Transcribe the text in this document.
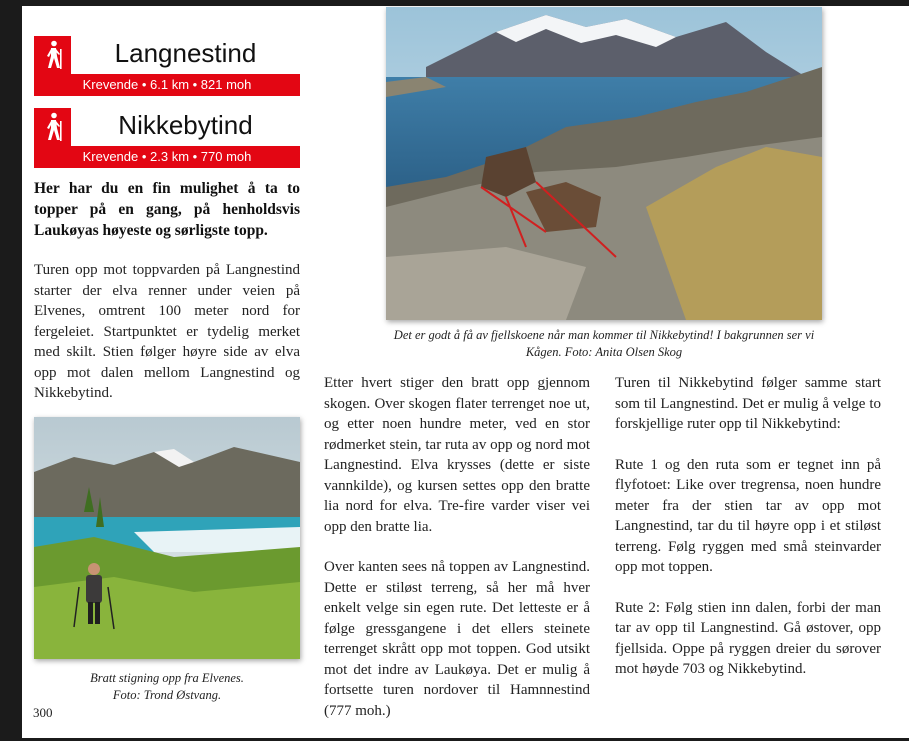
Langnestind
Krevende • 6.1 km • 821 moh
Nikkebytind
Krevende • 2.3 km • 770 moh
Her har du en fin mulighet å ta to topper på en gang, på henholdsvis Laukøyas høyeste og sørligste topp.

Turen opp mot toppvarden på Langnestind starter der elva renner under veien på Elvenes, omtrent 100 meter nord for fergeleiet. Startpunktet er tydelig merket med skilt. Stien følger høyre side av elva opp mot dalen mellom Langnestind og Nikkebytind.

Det er godt å få av fjellskoene når man kommer til Nikkebytind! I bakgrunnen ser vi Kågen. Foto: Anita Olsen Skog
Bratt stigning opp fra Elvenes.
Foto: Trond Østvang.

Etter hvert stiger den bratt opp gjennom skogen. Over skogen flater terrenget noe ut, og etter noen hundre meter, ved en stor rødmerket stein, tar ruta av opp og nord mot Langnestind. Elva krysses (dette er siste vannkilde), og kursen settes opp den bratte lia nord for elva. Tre-fire varder viser vei opp den bratte lia.

Over kanten sees nå toppen av Langnestind. Dette er stiløst terreng, så her må hver enkelt velge sin egen rute. Det letteste er å følge gressgangene i det ellers steinete terrenget skrått opp mot toppen. God utsikt mot det indre av Laukøya. Det er mulig å fortsette turen nordover til Hamnnestind (777 moh.)

Turen til Nikkebytind følger samme start som til Langnestind. Det er mulig å velge to forskjellige ruter opp til Nikkebytind:

Rute 1 og den ruta som er tegnet inn på flyfotoet: Like over tregrensa, noen hundre meter fra der stien tar av opp mot Langnestind, tar du til høyre opp i et stiløst terreng. Følg ryggen med små steinvarder opp mot toppen.

Rute 2: Følg stien inn dalen, forbi der man tar av opp til Langnestind. Gå østover, opp fjellsida. Oppe på ryggen dreier du sørover mot høyde 703 og Nikkebytind.

300
